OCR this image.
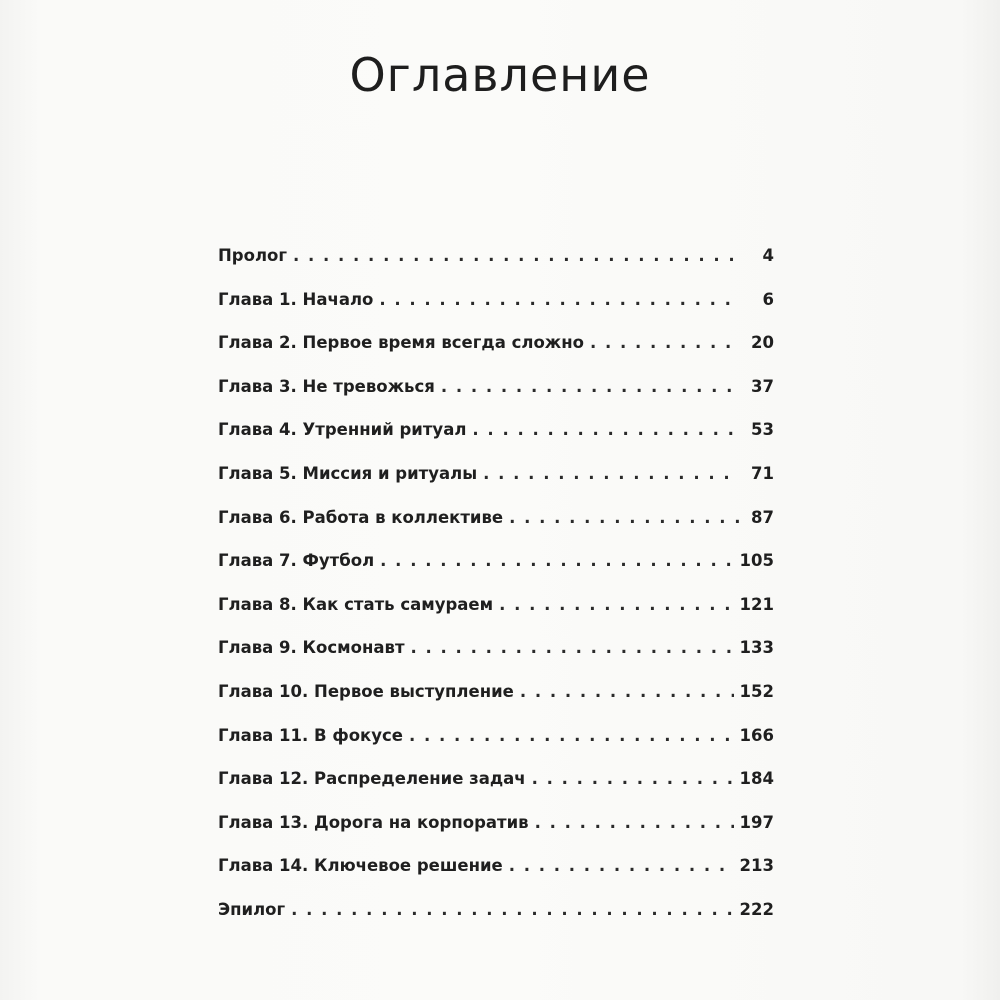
Оглавление
Пролог . . .	4
Глава 1. Начало . . .	6
Глава 2. Первое время всегда сложно . . .	20
Глава 3. Не тревожься . . .	37
Глава 4. Утренний ритуал . . .	53
Глава 5. Миссия и ритуалы . . .	71
Глава 6. Работа в коллективе . . .	87
Глава 7. Футбол . . .	105
Глава 8. Как стать самураем . . .	121
Глава 9. Космонавт . . .	133
Глава 10. Первое выступление . . .	152
Глава 11. В фокусе . . .	166
Глава 12. Распределение задач . . .	184
Глава 13. Дорога на корпоратив . . .	197
Глава 14. Ключевое решение . . .	213
Эпилог . . .	222
